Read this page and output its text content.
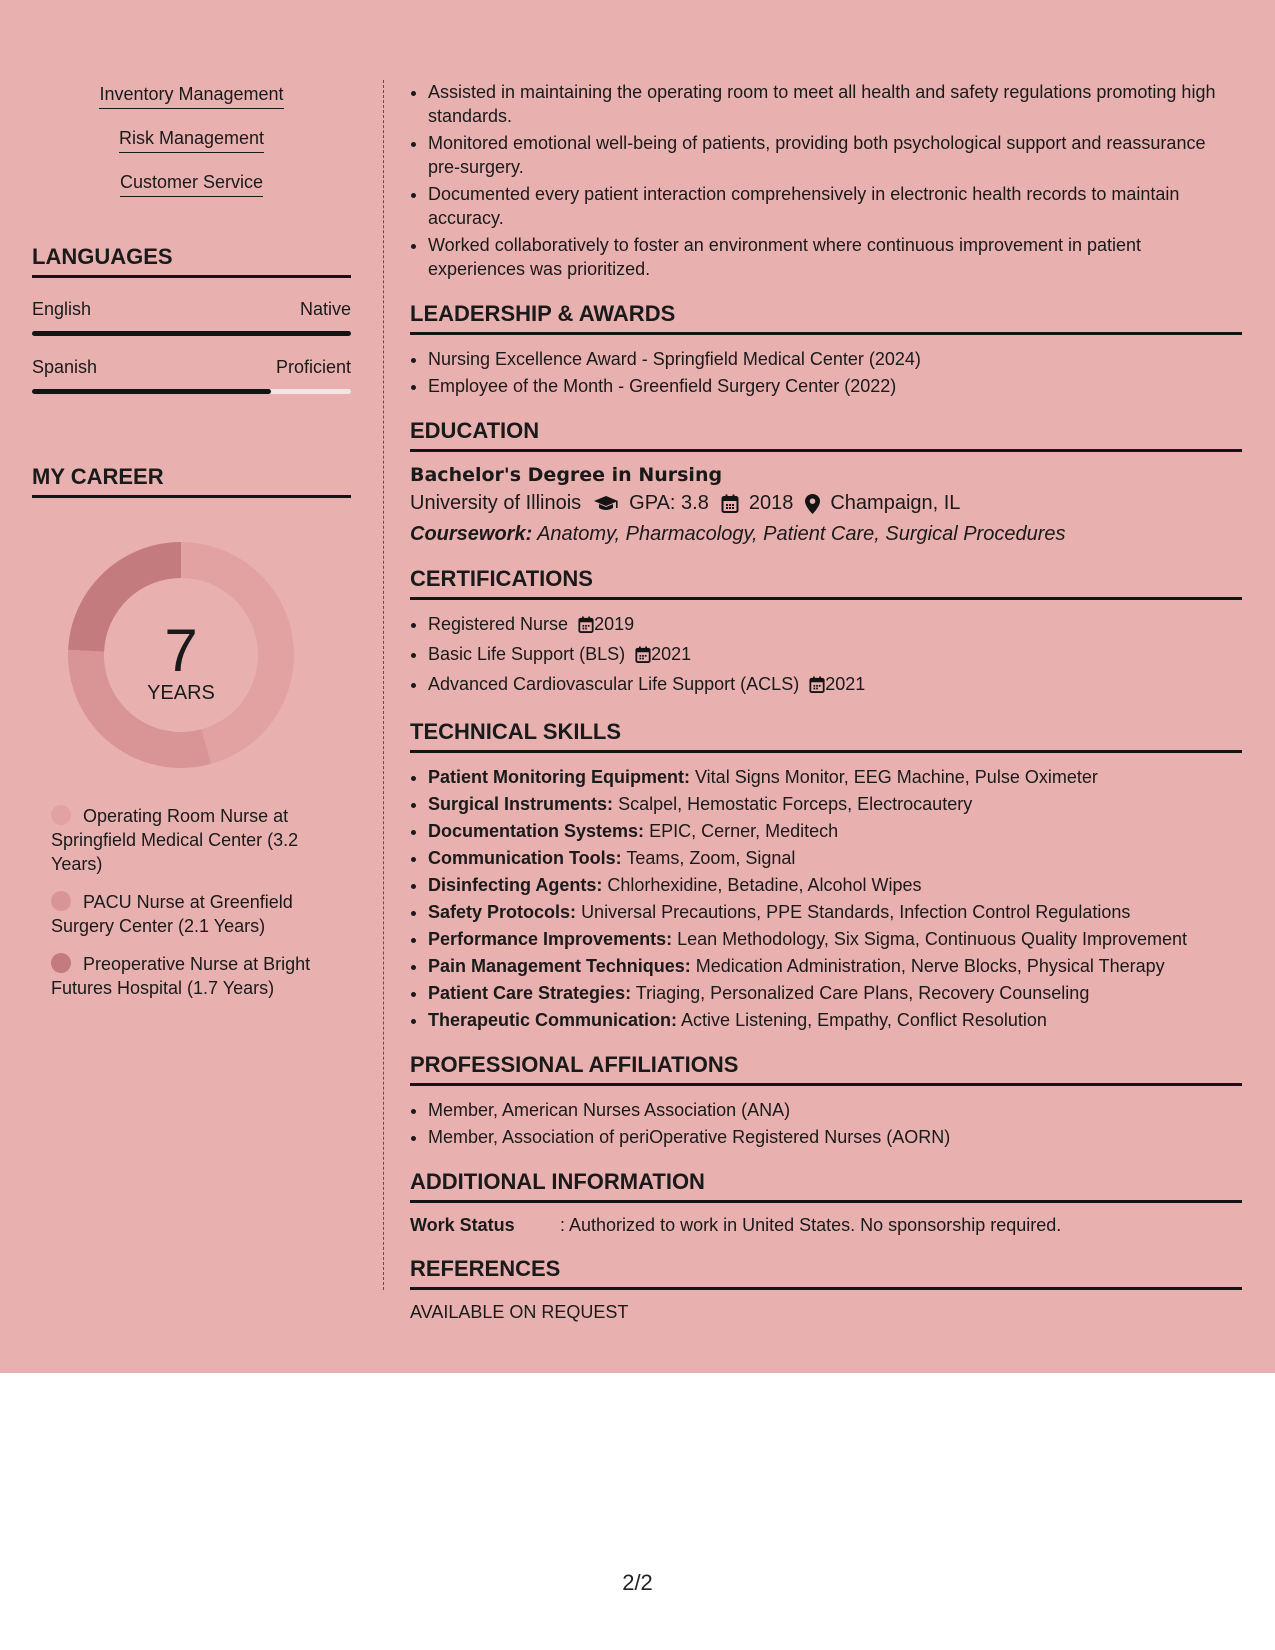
Inventory Management
Risk Management
Customer Service
LANGUAGES
English	Native
Spanish	Proficient
MY CAREER
7
YEARS
Operating Room Nurse at Springfield Medical Center (3.2 Years)
PACU Nurse at Greenfield Surgery Center (2.1 Years)
Preoperative Nurse at Bright Futures Hospital (1.7 Years)
• Assisted in maintaining the operating room to meet all health and safety regulations promoting high standards.
• Monitored emotional well-being of patients, providing both psychological support and reassurance pre-surgery.
• Documented every patient interaction comprehensively in electronic health records to maintain accuracy.
• Worked collaboratively to foster an environment where continuous improvement in patient experiences was prioritized.
LEADERSHIP & AWARDS
• Nursing Excellence Award - Springfield Medical Center (2024)
• Employee of the Month - Greenfield Surgery Center (2022)
EDUCATION
Bachelor's Degree in Nursing
University of Illinois GPA: 3.8 2018 Champaign, IL
Coursework: Anatomy, Pharmacology, Patient Care, Surgical Procedures
CERTIFICATIONS
• Registered Nurse 2019
• Basic Life Support (BLS) 2021
• Advanced Cardiovascular Life Support (ACLS) 2021
TECHNICAL SKILLS
• Patient Monitoring Equipment: Vital Signs Monitor, EEG Machine, Pulse Oximeter
• Surgical Instruments: Scalpel, Hemostatic Forceps, Electrocautery
• Documentation Systems: EPIC, Cerner, Meditech
• Communication Tools: Teams, Zoom, Signal
• Disinfecting Agents: Chlorhexidine, Betadine, Alcohol Wipes
• Safety Protocols: Universal Precautions, PPE Standards, Infection Control Regulations
• Performance Improvements: Lean Methodology, Six Sigma, Continuous Quality Improvement
• Pain Management Techniques: Medication Administration, Nerve Blocks, Physical Therapy
• Patient Care Strategies: Triaging, Personalized Care Plans, Recovery Counseling
• Therapeutic Communication: Active Listening, Empathy, Conflict Resolution
PROFESSIONAL AFFILIATIONS
• Member, American Nurses Association (ANA)
• Member, Association of periOperative Registered Nurses (AORN)
ADDITIONAL INFORMATION
Work Status	: Authorized to work in United States. No sponsorship required.
REFERENCES
AVAILABLE ON REQUEST
2/2
